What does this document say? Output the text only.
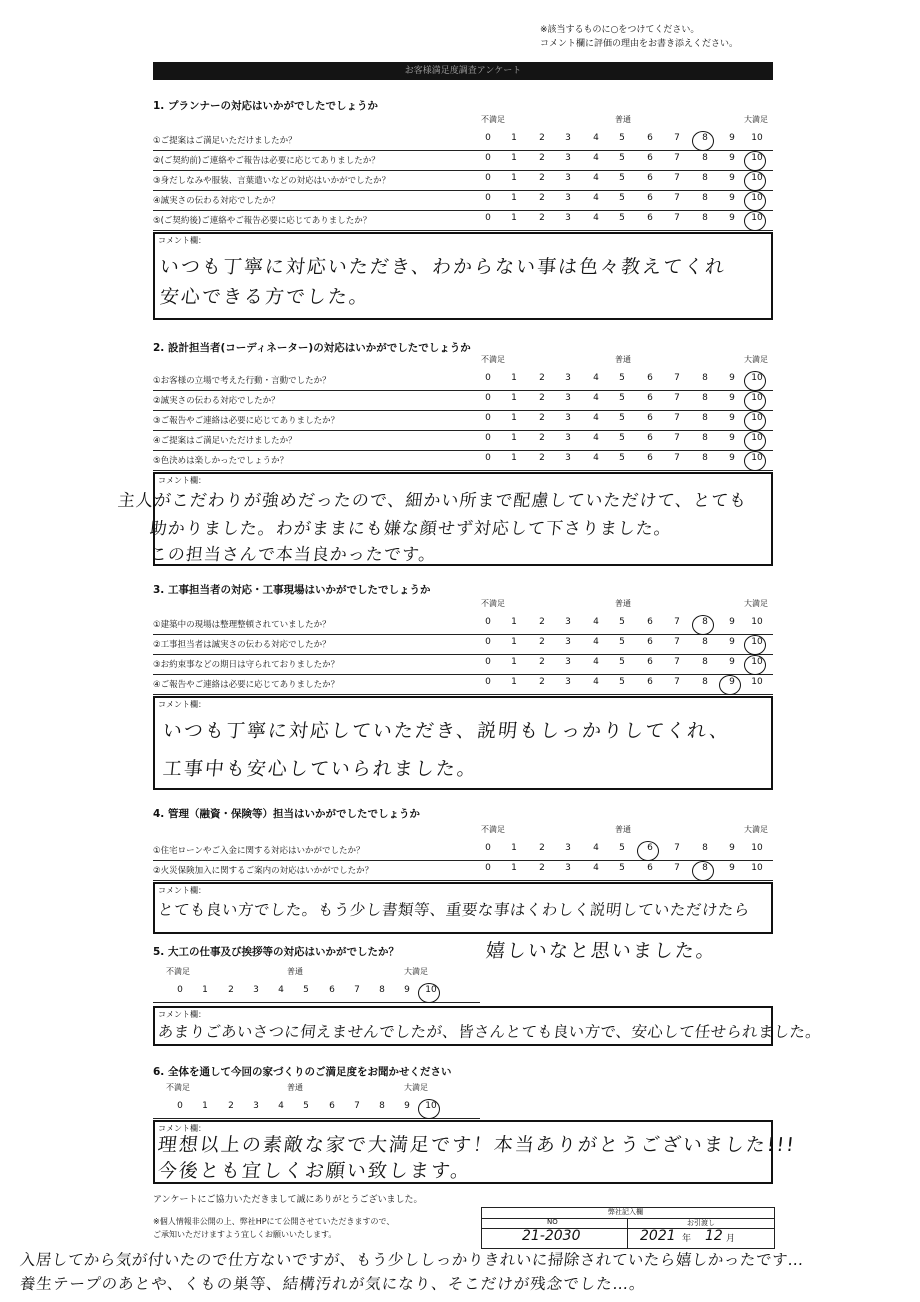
※該当するものに○をつけてください。
コメント欄に評価の理由をお書き添えください。
お客様満足度調査アンケート
1. プランナーの対応はいかがでしたでしょうか
不満足	普通	大満足
①ご提案はご満足いただけましたか？	0	1	2	3	4	5	6	7	8	9	10
②(ご契約前)ご連絡やご報告は必要に応じてありましたか？	0	1	2	3	4	5	6	7	8	9	10
③身だしなみや服装、言葉遣いなどの対応はいかがでしたか？	0	1	2	3	4	5	6	7	8	9	10
④誠実さの伝わる対応でしたか？	0	1	2	3	4	5	6	7	8	9	10
⑤(ご契約後)ご連絡やご報告必要に応じてありましたか？	0	1	2	3	4	5	6	7	8	9	10
コメント欄：
いつも丁寧に対応いただき、わからない事は色々教えてくれ
安心できる方でした。
2. 設計担当者(コーディネーター)の対応はいかがでしたでしょうか
不満足	普通	大満足
①お客様の立場で考えた行動・言動でしたか？	0	1	2	3	4	5	6	7	8	9	10
②誠実さの伝わる対応でしたか？	0	1	2	3	4	5	6	7	8	9	10
③ご報告やご連絡は必要に応じてありましたか？	0	1	2	3	4	5	6	7	8	9	10
④ご提案はご満足いただけましたか？	0	1	2	3	4	5	6	7	8	9	10
⑤色決めは楽しかったでしょうか？	0	1	2	3	4	5	6	7	8	9	10
コメント欄：
主人がこだわりが強めだったので、細かい所まで配慮していただけて、とても
助かりました。わがままにも嫌な顔せず対応して下さりました。
この担当さんで本当良かったです。
3. 工事担当者の対応・工事現場はいかがでしたでしょうか
不満足	普通	大満足
①建築中の現場は整理整頓されていましたか？	0	1	2	3	4	5	6	7	8	9	10
②工事担当者は誠実さの伝わる対応でしたか？	0	1	2	3	4	5	6	7	8	9	10
③お約束事などの期日は守られておりましたか？	0	1	2	3	4	5	6	7	8	9	10
④ご報告やご連絡は必要に応じてありましたか？	0	1	2	3	4	5	6	7	8	9	10
コメント欄：
いつも丁寧に対応していただき、説明もしっかりしてくれ、
工事中も安心していられました。
4. 管理（融資・保険等）担当はいかがでしたでしょうか
不満足	普通	大満足
①住宅ローンやご入金に関する対応はいかがでしたか？	0	1	2	3	4	5	6	7	8	9	10
②火災保険加入に関するご案内の対応はいかがでしたか？	0	1	2	3	4	5	6	7	8	9	10
コメント欄：
とても良い方でした。もう少し書類等、重要な事はくわしく説明していただけたら
嬉しいなと思いました。
5. 大工の仕事及び挨拶等の対応はいかがでしたか？
不満足	普通	大満足
0	1	2	3	4	5	6	7	8	9	10
コメント欄：
あまりごあいさつに伺えませんでしたが、皆さんとても良い方で、安心して任せられました。
6. 全体を通して今回の家づくりのご満足度をお聞かせください
不満足	普通	大満足
0	1	2	3	4	5	6	7	8	9	10
コメント欄：
理想以上の素敵な家で大満足です！本当ありがとうございました!!!
今後とも宜しくお願い致します。
アンケートにご協力いただきまして誠にありがとうございました。
※個人情報非公開の上、弊社HPにて公開させていただきますので、
ご承知いただけますよう宜しくお願いいたします。
弊社記入欄
NO	お引渡し
21-2030	2021 年 12 月
入居してから気が付いたので仕方ないですが、もう少ししっかりきれいに掃除されていたら嬉しかったです…
養生テープのあとや、くもの巣等、結構汚れが気になり、そこだけが残念でした…。
